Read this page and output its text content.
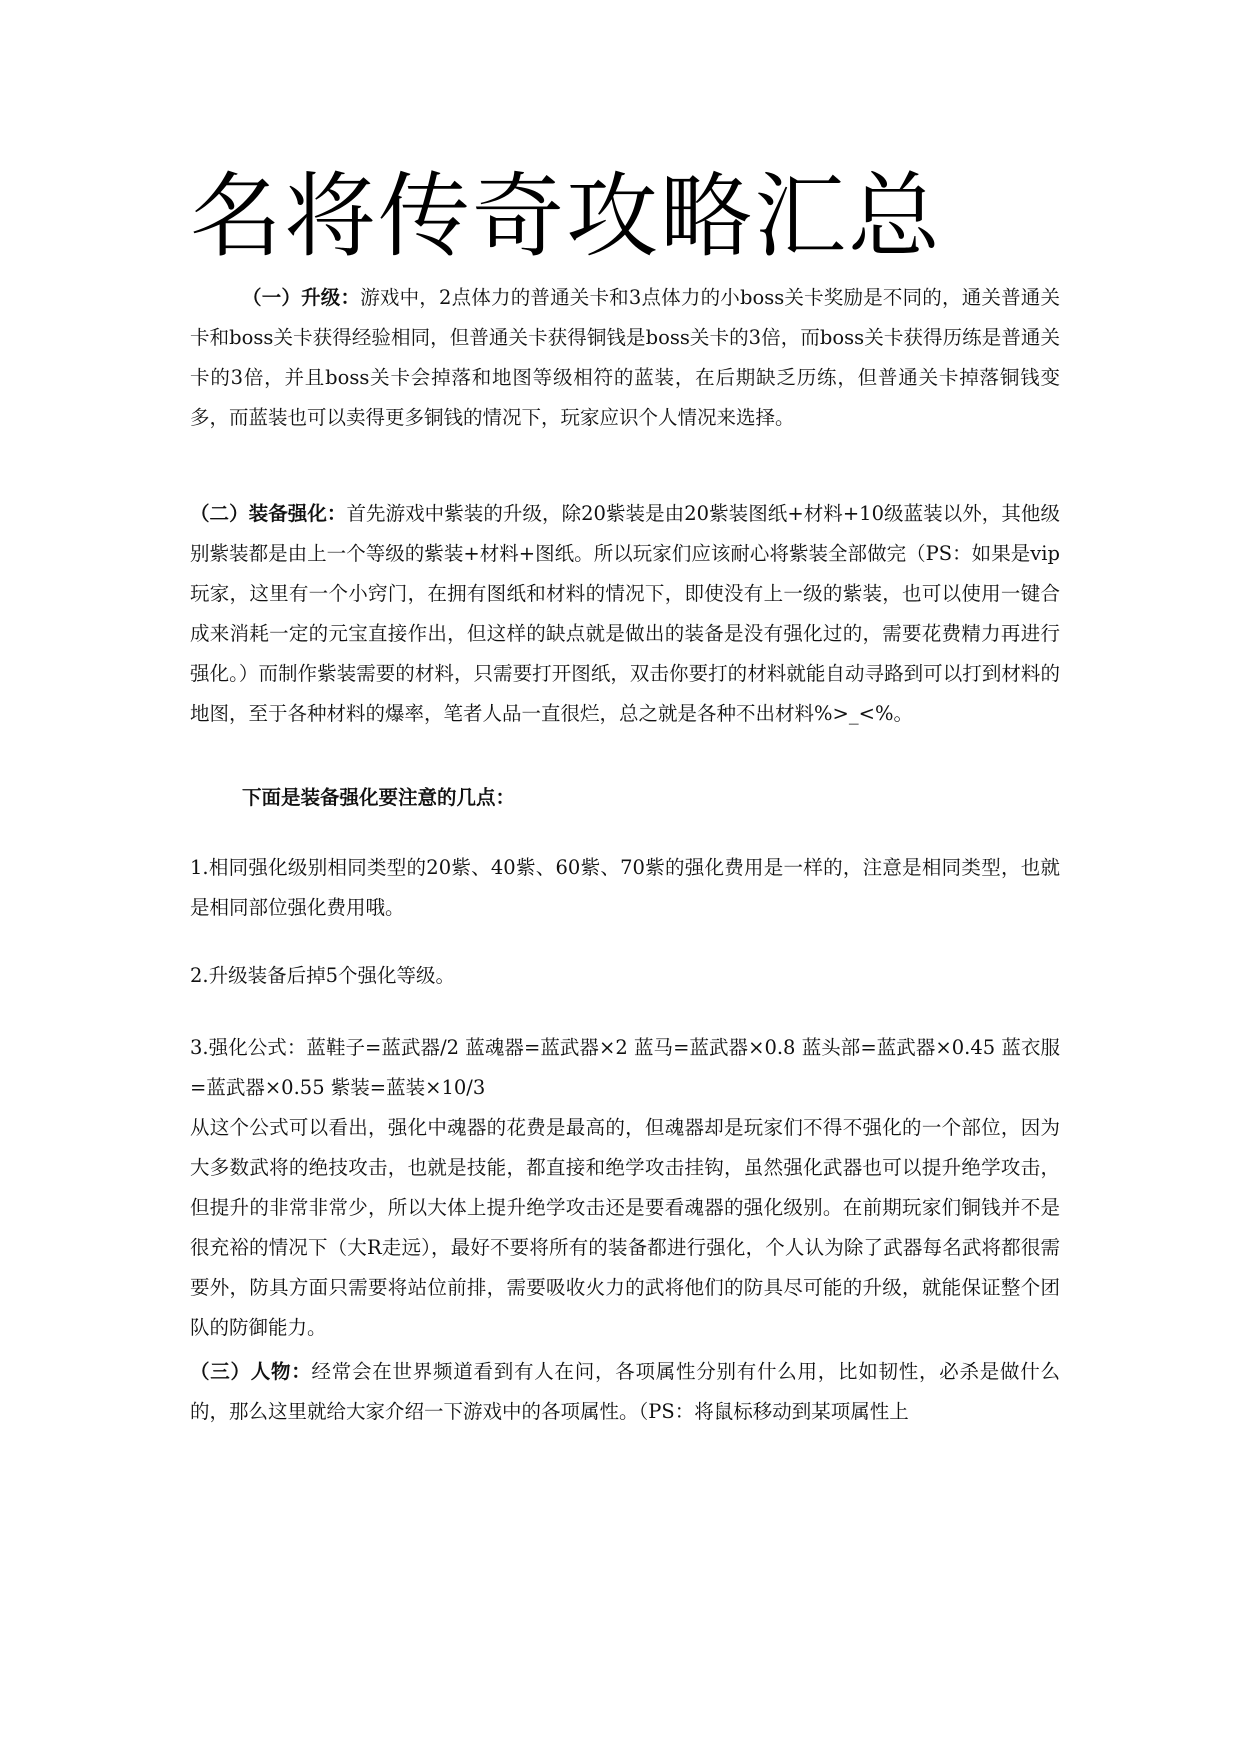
名将传奇攻略汇总

（一）升级：游戏中，2点体力的普通关卡和3点体力的小boss关卡奖励是不同的，通关普通关卡和boss关卡获得经验相同，但普通关卡获得铜钱是boss关卡的3倍，而boss关卡获得历练是普通关卡的3倍，并且boss关卡会掉落和地图等级相符的蓝装，在后期缺乏历练，但普通关卡掉落铜钱变多，而蓝装也可以卖得更多铜钱的情况下，玩家应识个人情况来选择。

（二）装备强化：首先游戏中紫装的升级，除20紫装是由20紫装图纸+材料+10级蓝装以外，其他级别紫装都是由上一个等级的紫装+材料+图纸。所以玩家们应该耐心将紫装全部做完（PS：如果是vip玩家，这里有一个小窍门，在拥有图纸和材料的情况下，即使没有上一级的紫装，也可以使用一键合成来消耗一定的元宝直接作出，但这样的缺点就是做出的装备是没有强化过的，需要花费精力再进行强化。）而制作紫装需要的材料，只需要打开图纸，双击你要打的材料就能自动寻路到可以打到材料的地图，至于各种材料的爆率，笔者人品一直很烂，总之就是各种不出材料%>_<%。

下面是装备强化要注意的几点：

1.相同强化级别相同类型的20紫、40紫、60紫、70紫的强化费用是一样的，注意是相同类型，也就是相同部位强化费用哦。

2.升级装备后掉5个强化等级。

3.强化公式：蓝鞋子=蓝武器/2 蓝魂器=蓝武器×2 蓝马=蓝武器×0.8 蓝头部=蓝武器×0.45 蓝衣服=蓝武器×0.55 紫装=蓝装×10/3

从这个公式可以看出，强化中魂器的花费是最高的，但魂器却是玩家们不得不强化的一个部位，因为大多数武将的绝技攻击，也就是技能，都直接和绝学攻击挂钩，虽然强化武器也可以提升绝学攻击，但提升的非常非常少，所以大体上提升绝学攻击还是要看魂器的强化级别。在前期玩家们铜钱并不是很充裕的情况下（大R走远），最好不要将所有的装备都进行强化，个人认为除了武器每名武将都很需要外，防具方面只需要将站位前排，需要吸收火力的武将他们的防具尽可能的升级，就能保证整个团队的防御能力。

（三）人物：经常会在世界频道看到有人在问，各项属性分别有什么用，比如韧性，必杀是做什么的，那么这里就给大家介绍一下游戏中的各项属性。（PS：将鼠标移动到某项属性上
